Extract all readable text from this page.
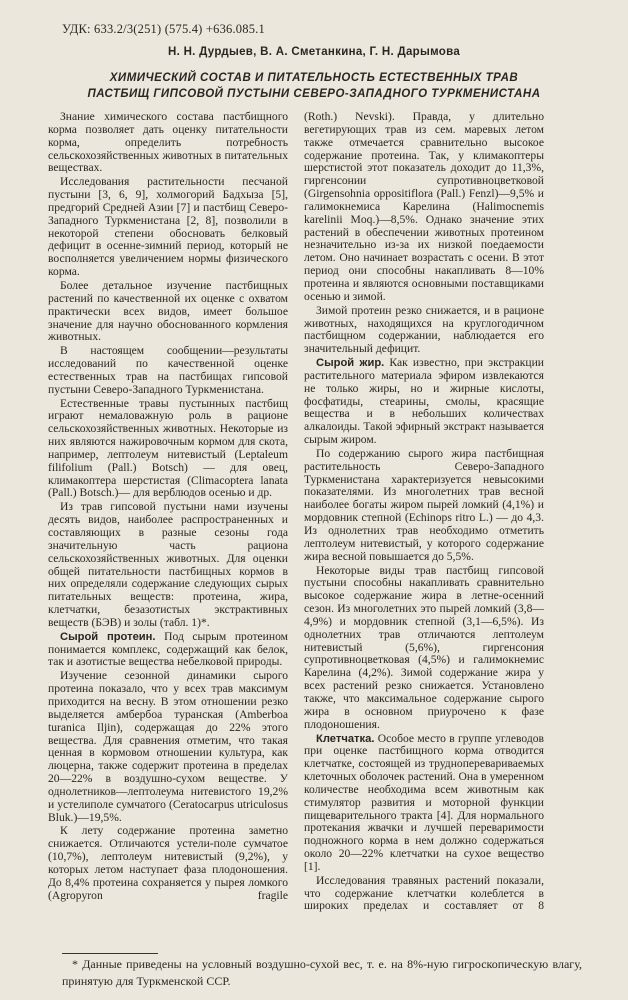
УДК: 633.2/3(251) (575.4) +636.085.1
Н. Н. Дурдыев, В. А. Сметанкина, Г. Н. Дарымова
ХИМИЧЕСКИЙ СОСТАВ И ПИТАТЕЛЬНОСТЬ ЕСТЕСТВЕННЫХ ТРАВ
ПАСТБИЩ ГИПСОВОЙ ПУСТЫНИ СЕВЕРО-ЗАПАДНОГО ТУРКМЕНИСТАНА

Знание химического состава пастбищного корма позволяет дать оценку питательности корма, определить потребность сельскохозяйственных животных в питательных веществах.

Исследования растительности песчаной пустыни [3, 6, 9], холмогорий Бадхыза [5], предгорий Средней Азии [7] и пастбищ Северо-Западного Туркменистана [2, 8], позволили в некоторой степени обосновать белковый дефицит в осенне-зимний период, который не восполняется увеличением нормы физического корма.

Более детальное изучение пастбищных растений по качественной их оценке с охватом практически всех видов, имеет большое значение для научно обоснованного кормления животных.

В настоящем сообщении—результаты исследований по качественной оценке естественных трав на пастбищах гипсовой пустыни Северо-Западного Туркменистана.

Естественные травы пустынных пастбищ играют немаловажную роль в рационе сельскохозяйственных животных. Некоторые из них являются нажировочным кормом для скота, например, лептолеум нитевистый (Leptaleum filifolium (Pall.) Botsch) — для овец, климакоптера шерстистая (Climacoptera lanata (Pall.) Botsch.)— для верблюдов осенью и др.

Из трав гипсовой пустыни нами изучены десять видов, наиболее распространенных и составляющих в разные сезоны года значительную часть рациона сельскохозяйственных животных. Для оценки общей питательности пастбищных кормов в них определяли содержание следующих сырых питательных веществ: протеина, жира, клетчатки, безазотистых экстрактивных веществ (БЭВ) и золы (табл. 1)*.

Сырой протеин. Под сырым протеином понимается комплекс, содержащий как белок, так и азотистые вещества небелковой природы.

Изучение сезонной динамики сырого протеина показало, что у всех трав максимум приходится на весну. В этом отношении резко выделяется амбербоа туранская (Amberboa turanica Iljin), содержащая до 22% этого вещества. Для сравнения отметим, что такая ценная в кормовом отношении культура, как люцерна, также содержит протеина в пределах 20—22% в воздушно-сухом веществе. У однолетников—лептолеума нитевистого 19,2% и устелиполе сумчатого (Ceratocarpus utriculosus Bluk.)—19,5%.

К лету содержание протеина заметно снижается. Отличаются устели-поле сумчатое (10,7%), лептолеум нитевистый (9,2%), у которых летом наступает фаза плодоношения. До 8,4% протеина сохраняется у пырея ломкого (Agropyron fragile

(Roth.) Nevski). Правда, у длительно вегетирующих трав из сем. маревых летом также отмечается сравнительно высокое содержание протеина. Так, у климакоптеры шерстистой этот показатель доходит до 11,3%, гиргенсонии супротивноцветковой (Girgensohnia oppositiflora (Pall.) Fenzl)—9,5% и галимокнемиса Карелина (Halimocnemis karelinii Moq.)—8,5%. Однако значение этих растений в обеспечении животных протеином незначительно из-за их низкой поедаемости летом. Оно начинает возрастать с осени. В этот период они способны накапливать 8—10% протеина и являются основными поставщиками осенью и зимой.

Зимой протеин резко снижается, и в рационе животных, находящихся на круглогодичном пастбищном содержании, наблюдается его значительный дефицит.

Сырой жир. Как известно, при экстракции растительного материала эфиром извлекаются не только жиры, но и жирные кислоты, фосфатиды, стеарины, смолы, красящие вещества и в небольших количествах алкалоиды. Такой эфирный экстракт называется сырым жиром.

По содержанию сырого жира пастбищная растительность Северо-Западного Туркменистана характеризуется невысокими показателями. Из многолетних трав весной наиболее богаты жиром пырей ломкий (4,1%) и мордовник степной (Echinops ritro L.) — до 4,3. Из однолетних трав необходимо отметить лептолеум нитевистый, у которого содержание жира весной повышается до 5,5%.

Некоторые виды трав пастбищ гипсовой пустыни способны накапливать сравнительно высокое содержание жира в летне-осенний сезон. Из многолетних это пырей ломкий (3,8—4,9%) и мордовник степной (3,1—6,5%). Из однолетних трав отличаются лептолеум нитевистый (5,6%), гиргенсония супротивноцветковая (4,5%) и галимокнемис Карелина (4,2%). Зимой содержание жира у всех растений резко снижается. Установлено также, что максимальное содержание сырого жира в основном приурочено к фазе плодоношения.

Клетчатка. Особое место в группе углеводов при оценке пастбищного корма отводится клетчатке, состоящей из трудноперевариваемых клеточных оболочек растений. Она в умеренном количестве необходима всем животным как стимулятор развития и моторной функции пищеварительного тракта [4]. Для нормального протекания жвачки и лучшей переваримости подножного корма в нем должно содержаться около 20—22% клетчатки на сухое вещество [1].

Исследования травяных растений показали, что содержание клетчатки колеблется в широких пределах и составляет от 8

* Данные приведены на условный воздушно-сухой вес, т. е. на 8%-ную гигроскопическую влагу, принятую для Туркменской ССР.
